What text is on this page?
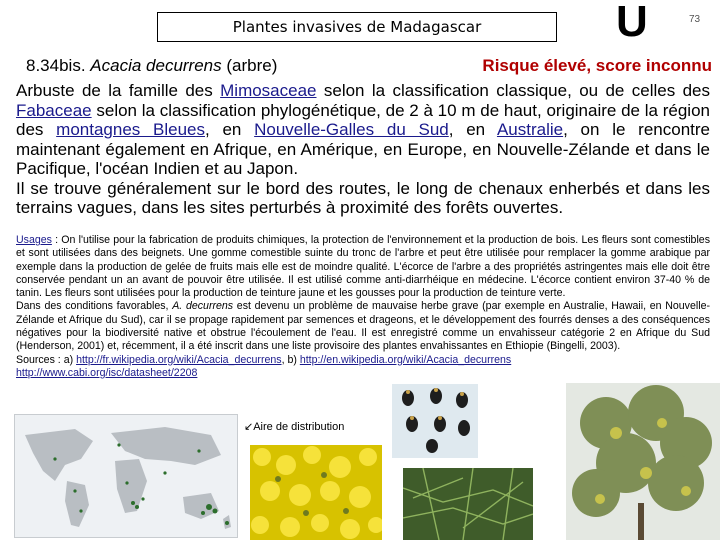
Plantes invasives de Madagascar	U	73
8.34bis. Acacia decurrens (arbre)	Risque élevé, score inconnu
Arbuste de la famille des Mimosaceae selon la classification classique, ou de celles des Fabaceae selon la classification phylogénétique, de 2 à 10 m de haut, originaire de la région des montagnes Bleues, en Nouvelle-Galles du Sud, en Australie, on le rencontre maintenant également en Afrique, en Amérique, en Europe, en Nouvelle-Zélande et dans le Pacifique, l'océan Indien et au Japon.
Il se trouve généralement sur le bord des routes, le long de chenaux enherbés et dans les terrains vagues, dans les sites perturbés à proximité des forêts ouvertes.
Usages : On l'utilise pour la fabrication de produits chimiques, la protection de l'environnement et la production de bois. Les fleurs sont comestibles et sont utilisées dans des beignets. Une gomme comestible suinte du tronc de l'arbre et peut être utilisée pour remplacer la gomme arabique par exemple dans la production de gelée de fruits mais elle est de moindre qualité. L'écorce de l'arbre a des propriétés astringentes mais elle doit être conservée pendant un an avant de pouvoir être utilisée. Il est utilisé comme anti-diarrhéique en médecine. L'écorce contient environ 37-40 % de tanin. Les fleurs sont utilisées pour la production de teinture jaune et les gousses pour la production de teinture verte.
Dans des conditions favorables, A. decurrens est devenu un problème de mauvaise herbe grave (par exemple en Australie, Hawaii, en Nouvelle-Zélande et Afrique du Sud), car il se propage rapidement par semences et drageons, et le développement des fourrés denses a des conséquences négatives pour la biodiversité native et obstrue l'écoulement de l'eau. Il est enregistré comme un envahisseur catégorie 2 en Afrique du Sud (Henderson, 2001) et, récemment, il a été inscrit dans une liste provisoire des plantes envahissantes en Ethiopie (Bingelli, 2003).
Sources : a) http://fr.wikipedia.org/wiki/Acacia_decurrens, b) http://en.wikipedia.org/wiki/Acacia_decurrens
http://www.cabi.org/isc/datasheet/2208
↙Aire de distribution
